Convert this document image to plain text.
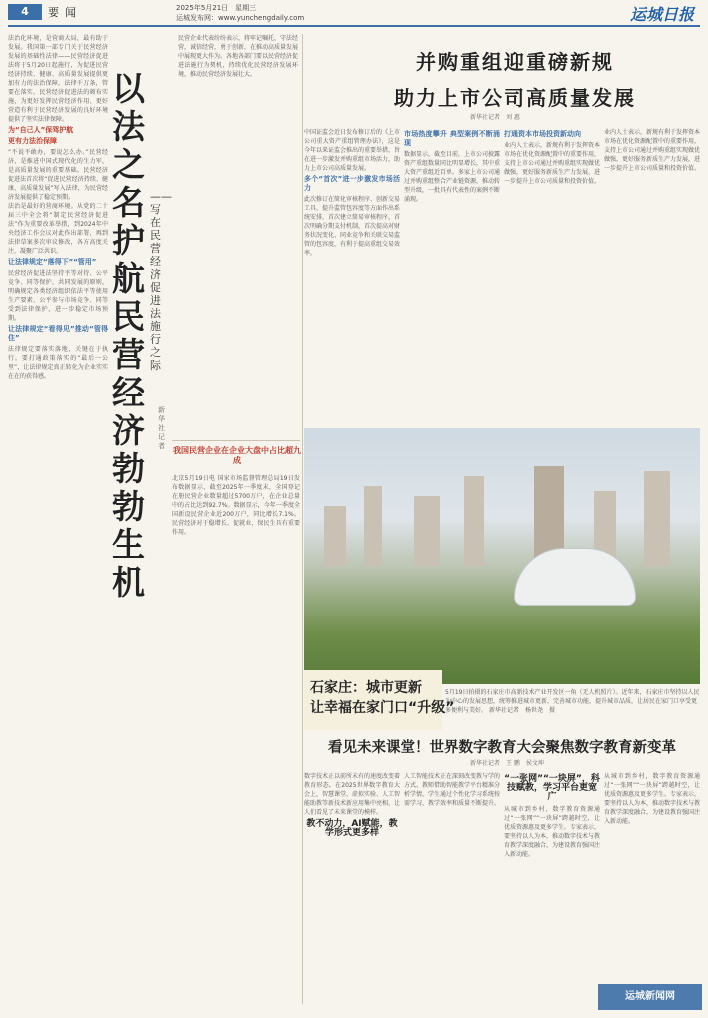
4	要闻	2025年5月21日　星期三
运城发布网：www.yunchengdaily.com	运城日报

法治化环境，是营商大局，最有助于发展。我国第一部专门关于民营经济发展的基础性法律——民营经济促进法将于5月20日起施行，为促进民营经济持续、健康、高质量发展提供更加有力的法治保障。法律千万条，管要在落实。民营经济促进法的颁布实施，为更好发挥民营经济作用、更好营造有利于民营经济发展的良好环境提供了坚实法律保障。

为“自己人”保驾护航
更有力法治保障

“不说不敢办，要说怎么办。”民营经济，是推进中国式现代化的生力军，是高质量发展的重要基础。民营经济促进法首次将“促进民营经济持续、健康、高质量发展”写入法律，为民营经济发展提供了稳定预期。

法治是最好的营商环境。从党的二十届三中全会将“制定民营经济促进法”作为重要改革举措，到2024年中央经济工作会议对此作出部署，再到法律草案多次审议修改，各方高度关注，凝聚广泛共识。

让法律规定“落得下”“管用”

民营经济促进法坚持平等对待、公平竞争、同等保护、共同发展的原则，明确规定各类经济组织依法平等使用生产要素、公平参与市场竞争、同等受到法律保护，进一步稳定市场预期。

让法律规定“看得见”推动“管得住”

法律规定要落实落地，关键在于执行。要打通政策落实的“最后一公里”，让法律规定真正转化为企业实实在在的获得感。

以法之名护航民营经济勃勃生机
——写在民营经济促进法施行之际
新华社记者

民营企业代表纷纷表示，将牢记嘱托，守法经营，诚信经营，勇于创新，在推动高质量发展中展现更大作为。各地各部门要以民营经济促进法施行为契机，持续优化民营经济发展环境，推动民营经济发展壮大。

我国民营企业在企业大盘中占比超九成

北京5月19日电 国家市场监督管理总局19日发布数据显示，截至2025年一季度末，全国登记在册民营企业数量超过5700万户，在企业总量中的占比达到92.7%。数据显示，今年一季度全国新设民营企业近200万户，同比增长7.1%。民营经济对于稳增长、促就业、保民生具有重要作用。

并购重组迎重磅新规
助力上市公司高质量发展
新华社记者　刘 惠

中国证监会近日发布修订后的《上市公司重大资产重组管理办法》，这是今年以来证监会推出的重要举措，旨在进一步激发并购重组市场活力，助力上市公司高质量发展。

多个“首次”进一步激发市场活力

此次修订在简化审核程序、创新交易工具、提升监管包容度等方面作出系统安排，首次建立简易审核程序，首次明确分期支付机制，首次提高对财务状况变化、同业竞争和关联交易监管的包容度，有利于提高重组交易效率。

市场热度攀升 典型案例不断涌现

数据显示，截至目前，上市公司披露资产重组数量同比明显增长，其中重大资产重组近百单。多家上市公司通过并购重组整合产业链资源，推动转型升级，一批具有代表性的案例不断涌现。

打通资本市场投资新动向

业内人士表示，新规有利于发挥资本市场在优化资源配置中的重要作用，支持上市公司通过并购重组实现做优做强，更好服务新质生产力发展，进一步提升上市公司质量和投资价值。

业内人士表示，新规有利于发挥资本市场在优化资源配置中的重要作用，支持上市公司通过并购重组实现做优做强，更好服务新质生产力发展，进一步提升上市公司质量和投资价值。

石家庄：城市更新
让幸福在家门口“升级”
5月19日拍摄的石家庄市高新技术产业开发区一角（无人机照片）。近年来，石家庄市坚持以人民为中心的发展思想，统筹推进城市更新，完善城市功能，提升城市品质，让居民在家门口享受更多便利与美好。 新华社记者　杨世尧　摄
看见未来课堂！世界数字教育大会聚焦数字教育新变革
新华社记者　王 鹏　侯文坤

数字技术正以前所未有的速度改变着教育形态。在2025世界数字教育大会上，智慧课堂、虚拟实验、人工智能助教等新技术新应用集中亮相，让人们看见了未来课堂的模样。

教不动力，AI赋能，教学形式更多样

人工智能技术正在深刻改变教与学的方式。教师借助智能教学平台精准分析学情，学生通过个性化学习系统按需学习，教学效率和质量不断提升。

“一张网”“一块屏”，科技赋教，学习平台更宽广

从城市到乡村，数字教育资源通过“一张网”“一块屏”跨越时空，让优质资源惠及更多学生。专家表示，要坚持以人为本，推动数字技术与教育教学深度融合，为建设教育强国注入新动能。

从城市到乡村，数字教育资源通过“一张网”“一块屏”跨越时空，让优质资源惠及更多学生。专家表示，要坚持以人为本，推动数字技术与教育教学深度融合，为建设教育强国注入新动能。

运城新闻网
